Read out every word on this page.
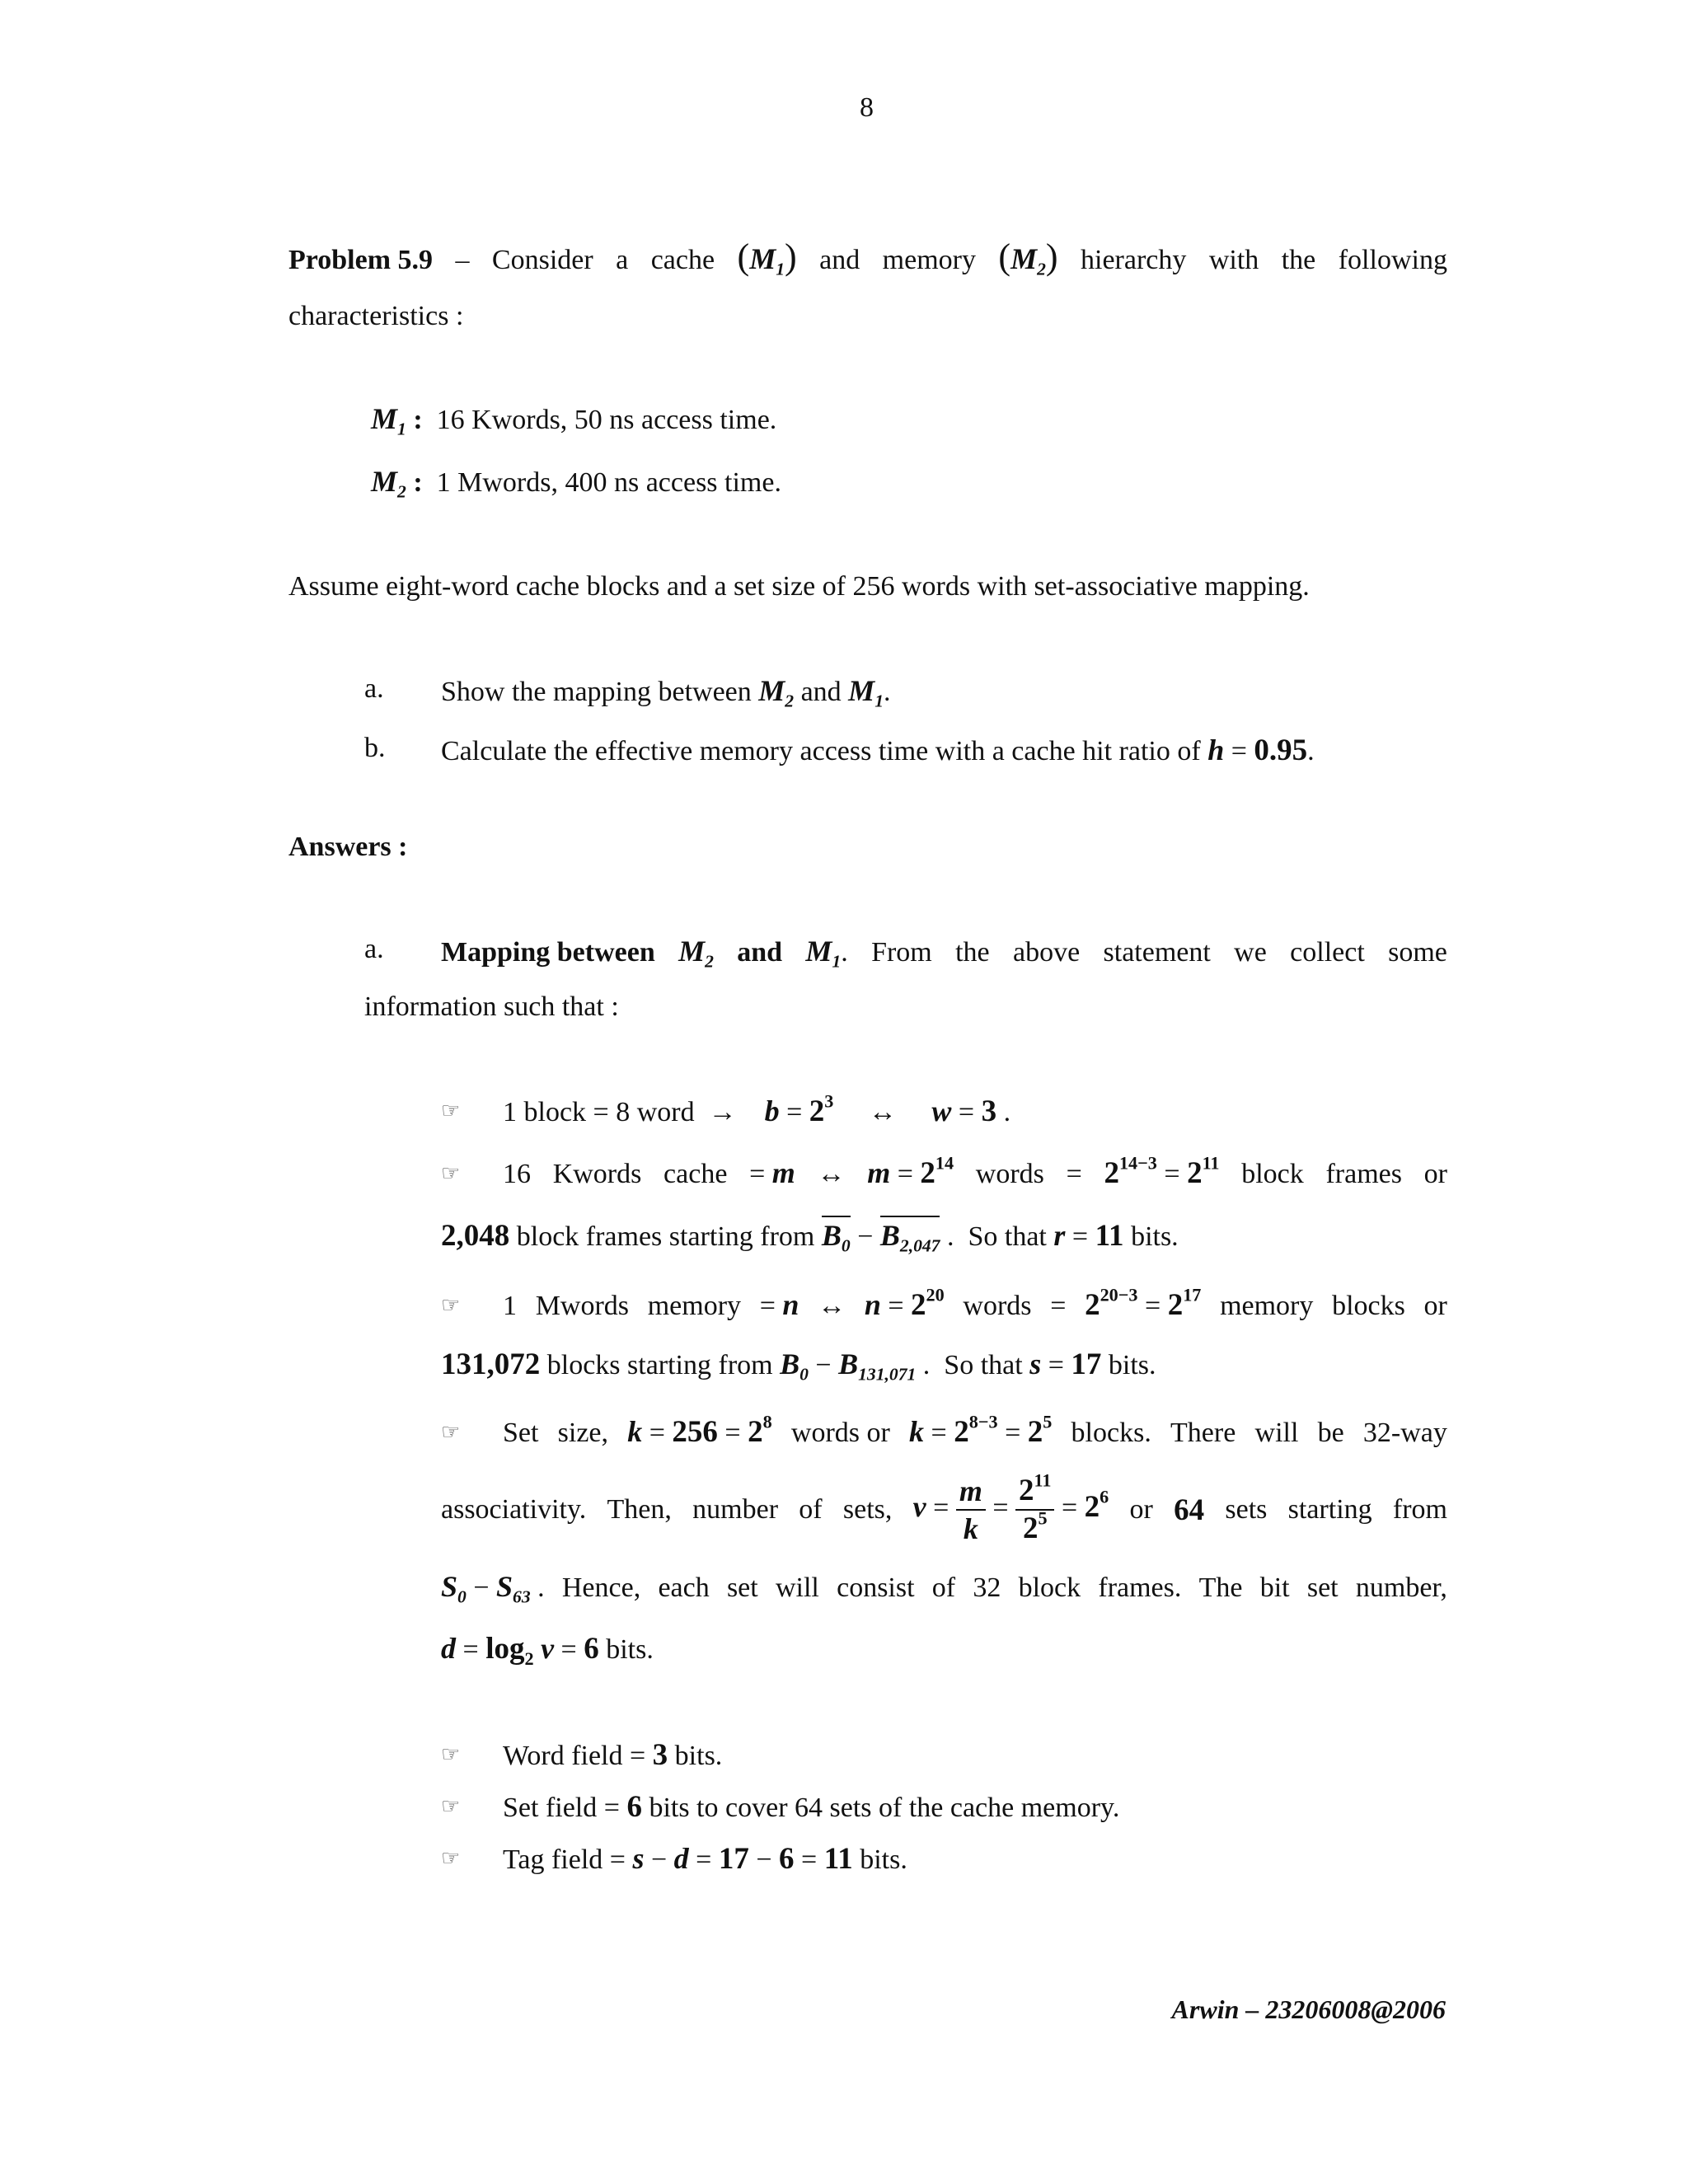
8
Problem 5.9 – Consider a cache $(M_1)$ and memory $(M_2)$ hierarchy with the following
characteristics :
$M_1$ :  16 Kwords, 50 ns access time.
$M_2$ :  1 Mwords, 400 ns access time.
Assume eight-word cache blocks and a set size of 256 words with set-associative mapping.
a. Show the mapping between $M_2$ and $M_1$.
b. Calculate the effective memory access time with a cache hit ratio of h = 0.95.
Answers :
a. Mapping between $M_2$ and $M_1$. From the above statement we collect some
information such that :
☞ 1 block = 8 word  →    $b = 2^3$     ↔     w = 3 .
☞ 16 Kwords cache = m ↔ $m = 2^{14}$ words = $2^{14-3} = 2^{11}$ block frames or
2,048 block frames starting from $B_0 - B_{2,047}$ .  So that r = 11 bits.
☞ 1 Mwords memory = n ↔ $n = 2^{20}$ words = $2^{20-3} = 2^{17}$ memory blocks or
131,072 blocks starting from $B_0 - B_{131,071}$ .  So that s = 17 bits.
☞ Set size, $k = 256 = 2^8$ words or $k = 2^{8-3} = 2^5$ blocks. There will be 32-way
associativity. Then, number of sets, $v = \frac{m}{k} = \frac{2^{11}}{2^5} = 2^6$ or 64 sets starting from
$S_0 - S_{63}$ . Hence, each set will consist of 32 block frames. The bit set number,
$d = \log_2 v = 6$ bits.
☞ Word field = 3 bits.
☞ Set field = 6 bits to cover 64 sets of the cache memory.
☞ Tag field = s − d = 17 − 6 = 11 bits.
Arwin – 23206008@2006
